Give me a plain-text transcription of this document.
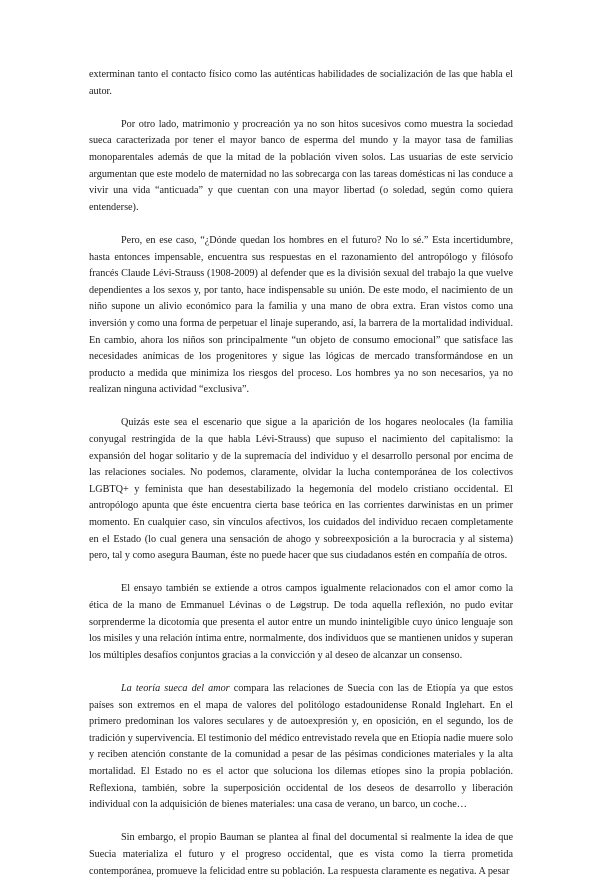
exterminan tanto el contacto físico como las auténticas habilidades de socialización de las que habla el autor.

Por otro lado, matrimonio y procreación ya no son hitos sucesivos como muestra la sociedad sueca caracterizada por tener el mayor banco de esperma del mundo y la mayor tasa de familias monoparentales además de que la mitad de la población viven solos. Las usuarias de este servicio argumentan que este modelo de maternidad no las sobrecarga con las tareas domésticas ni las conduce a vivir una vida “anticuada” y que cuentan con una mayor libertad (o soledad, según como quiera entenderse).

Pero, en ese caso, “¿Dónde quedan los hombres en el futuro? No lo sé.” Esta incertidumbre, hasta entonces impensable, encuentra sus respuestas en el razonamiento del antropólogo y filósofo francés Claude Lévi-Strauss (1908-2009) al defender que es la división sexual del trabajo la que vuelve dependientes a los sexos y, por tanto, hace indispensable su unión. De este modo, el nacimiento de un niño supone un alivio económico para la familia y una mano de obra extra. Eran vistos como una inversión y como una forma de perpetuar el linaje superando, así, la barrera de la mortalidad individual. En cambio, ahora los niños son principalmente “un objeto de consumo emocional” que satisface las necesidades anímicas de los progenitores y sigue las lógicas de mercado transformándose en un producto a medida que minimiza los riesgos del proceso. Los hombres ya no son necesarios, ya no realizan ninguna actividad “exclusiva”.

Quizás este sea el escenario que sigue a la aparición de los hogares neolocales (la familia conyugal restringida de la que habla Lévi-Strauss) que supuso el nacimiento del capitalismo: la expansión del hogar solitario y de la supremacía del individuo y el desarrollo personal por encima de las relaciones sociales. No podemos, claramente, olvidar la lucha contemporánea de los colectivos LGBTQ+ y feminista que han desestabilizado la hegemonía del modelo cristiano occidental. El antropólogo apunta que éste encuentra cierta base teórica en las corrientes darwinistas en un primer momento. En cualquier caso, sin vínculos afectivos, los cuidados del individuo recaen completamente en el Estado (lo cual genera una sensación de ahogo y sobreexposición a la burocracia y al sistema) pero, tal y como asegura Bauman, éste no puede hacer que sus ciudadanos estén en compañía de otros.

El ensayo también se extiende a otros campos igualmente relacionados con el amor como la ética de la mano de Emmanuel Lévinas o de Løgstrup. De toda aquella reflexión, no pudo evitar sorprenderme la dicotomía que presenta el autor entre un mundo ininteligible cuyo único lenguaje son los misiles y una relación íntima entre, normalmente, dos individuos que se mantienen unidos y superan los múltiples desafíos conjuntos gracias a la convicción y al deseo de alcanzar un consenso.

La teoría sueca del amor compara las relaciones de Suecia con las de Etiopía ya que estos países son extremos en el mapa de valores del politólogo estadounidense Ronald Inglehart. En el primero predominan los valores seculares y de autoexpresión y, en oposición, en el segundo, los de tradición y supervivencia. El testimonio del médico entrevistado revela que en Etiopía nadie muere solo y reciben atención constante de la comunidad a pesar de las pésimas condiciones materiales y la alta mortalidad. El Estado no es el actor que soluciona los dilemas etíopes sino la propia población. Reflexiona, también, sobre la superposición occidental de los deseos de desarrollo y liberación individual con la adquisición de bienes materiales: una casa de verano, un barco, un coche…

Sin embargo, el propio Bauman se plantea al final del documental si realmente la idea de que Suecia materializa el futuro y el progreso occidental, que es vista como la tierra prometida contemporánea, promueve la felicidad entre su población. La respuesta claramente es negativa. A pesar
